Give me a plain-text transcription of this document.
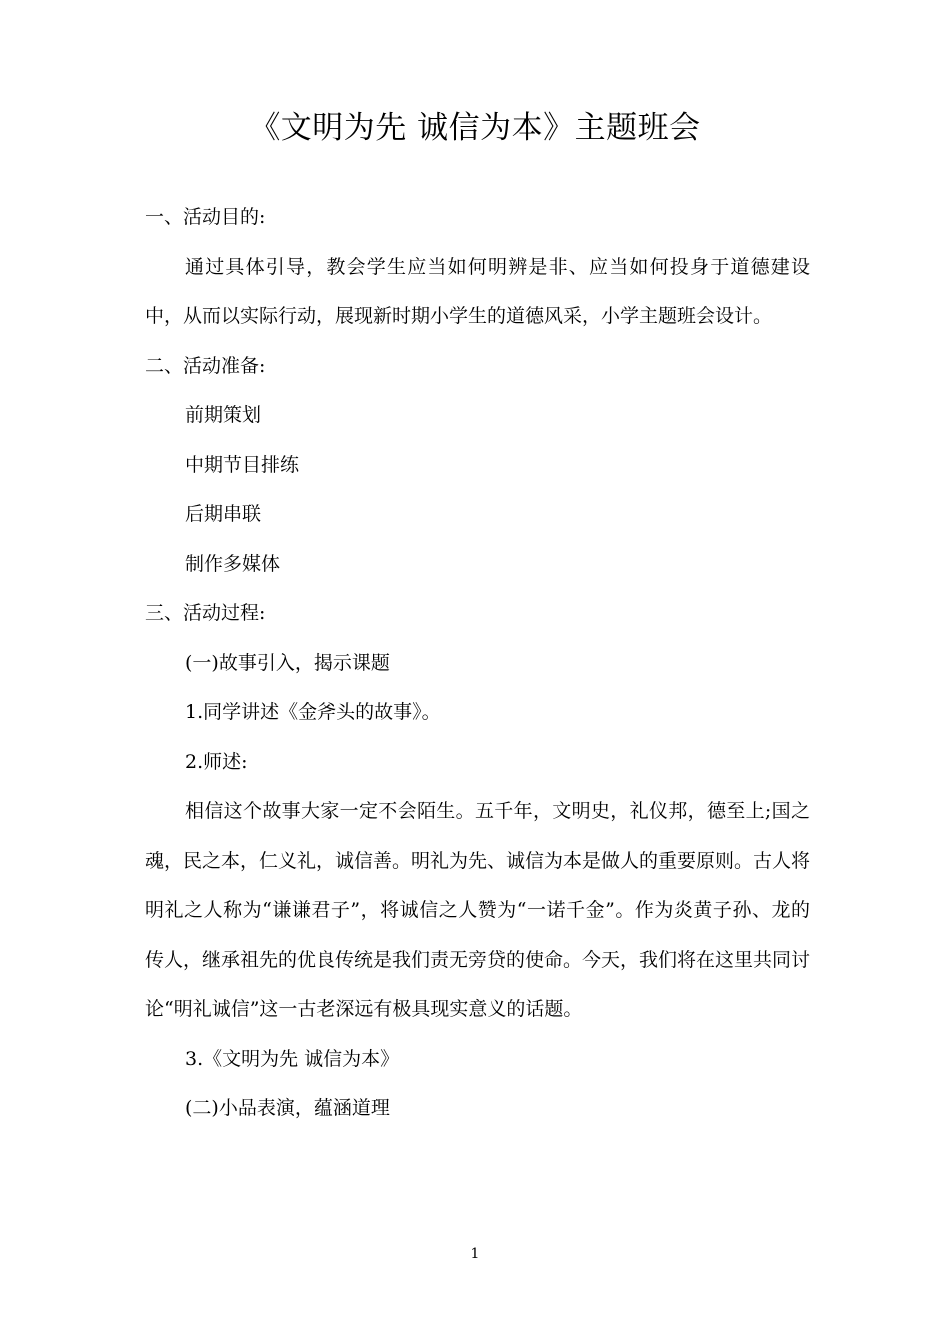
《文明为先 诚信为本》主题班会

一、活动目的:

通过具体引导，教会学生应当如何明辨是非、应当如何投身于道德建设中，从而以实际行动，展现新时期小学生的道德风采，小学主题班会设计。

二、活动准备:

前期策划

中期节目排练

后期串联

制作多媒体

三、活动过程:

(一)故事引入，揭示课题

1.同学讲述《金斧头的故事》。

2.师述:

相信这个故事大家一定不会陌生。五千年，文明史，礼仪邦，德至上;国之魂，民之本，仁义礼，诚信善。明礼为先、诚信为本是做人的重要原则。古人将明礼之人称为“谦谦君子”，将诚信之人赞为“一诺千金”。作为炎黄子孙、龙的传人，继承祖先的优良传统是我们责无旁贷的使命。今天，我们将在这里共同讨论“明礼诚信”这一古老深远有极具现实意义的话题。

3.《文明为先 诚信为本》

(二)小品表演，蕴涵道理

1
